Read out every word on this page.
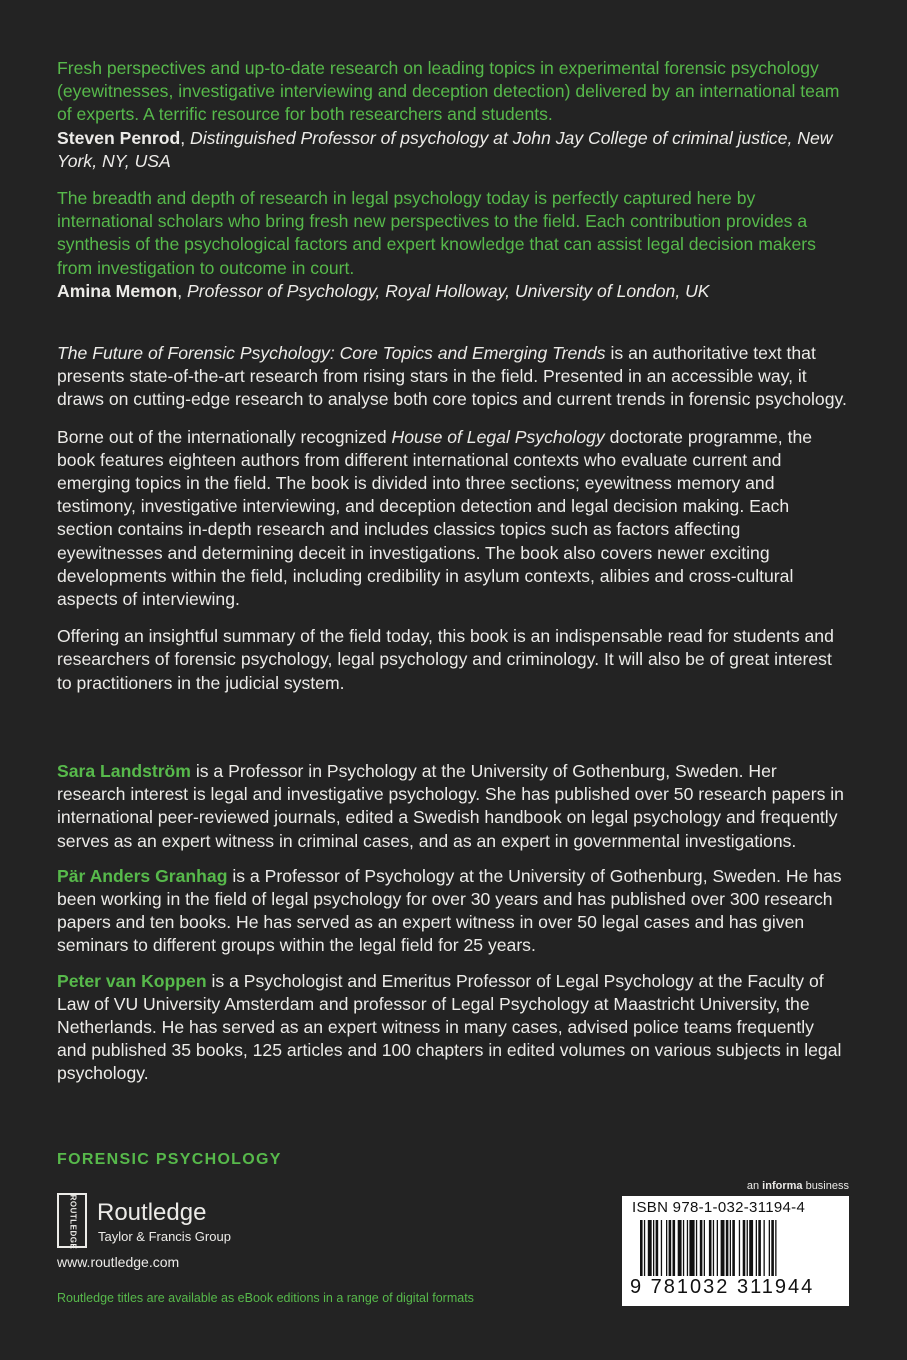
Fresh perspectives and up-to-date research on leading topics in experimental forensic psychology (eyewitnesses, investigative interviewing and deception detection) delivered by an international team of experts. A terrific resource for both researchers and students.

Steven Penrod, Distinguished Professor of psychology at John Jay College of criminal justice, New York, NY, USA

The breadth and depth of research in legal psychology today is perfectly captured here by international scholars who bring fresh new perspectives to the field. Each contribution provides a synthesis of the psychological factors and expert knowledge that can assist legal decision makers from investigation to outcome in court.

Amina Memon, Professor of Psychology, Royal Holloway, University of London, UK

The Future of Forensic Psychology: Core Topics and Emerging Trends is an authoritative text that presents state-of-the-art research from rising stars in the field. Presented in an accessible way, it draws on cutting-edge research to analyse both core topics and current trends in forensic psychology.

Borne out of the internationally recognized House of Legal Psychology doctorate programme, the book features eighteen authors from different international contexts who evaluate current and emerging topics in the field. The book is divided into three sections; eyewitness memory and testimony, investigative interviewing, and deception detection and legal decision making. Each section contains in-depth research and includes classics topics such as factors affecting eyewitnesses and determining deceit in investigations. The book also covers newer exciting developments within the field, including credibility in asylum contexts, alibies and cross-cultural aspects of interviewing.

Offering an insightful summary of the field today, this book is an indispensable read for students and researchers of forensic psychology, legal psychology and criminology. It will also be of great interest to practitioners in the judicial system.

Sara Landström is a Professor in Psychology at the University of Gothenburg, Sweden. Her research interest is legal and investigative psychology. She has published over 50 research papers in international peer-reviewed journals, edited a Swedish handbook on legal psychology and frequently serves as an expert witness in criminal cases, and as an expert in governmental investigations.

Pär Anders Granhag is a Professor of Psychology at the University of Gothenburg, Sweden. He has been working in the field of legal psychology for over 30 years and has published over 300 research papers and ten books. He has served as an expert witness in over 50 legal cases and has given seminars to different groups within the legal field for 25 years.

Peter van Koppen is a Psychologist and Emeritus Professor of Legal Psychology at the Faculty of Law of VU University Amsterdam and professor of Legal Psychology at Maastricht University, the Netherlands. He has served as an expert witness in many cases, advised police teams frequently and published 35 books, 125 articles and 100 chapters in edited volumes on various subjects in legal psychology.

FORENSIC PSYCHOLOGY
ROUTLEDGE Routledge
Taylor & Francis Group
www.routledge.com
Routledge titles are available as eBook editions in a range of digital formats
an informa business
ISBN 978-1-032-31194-4
9 781032 311944
